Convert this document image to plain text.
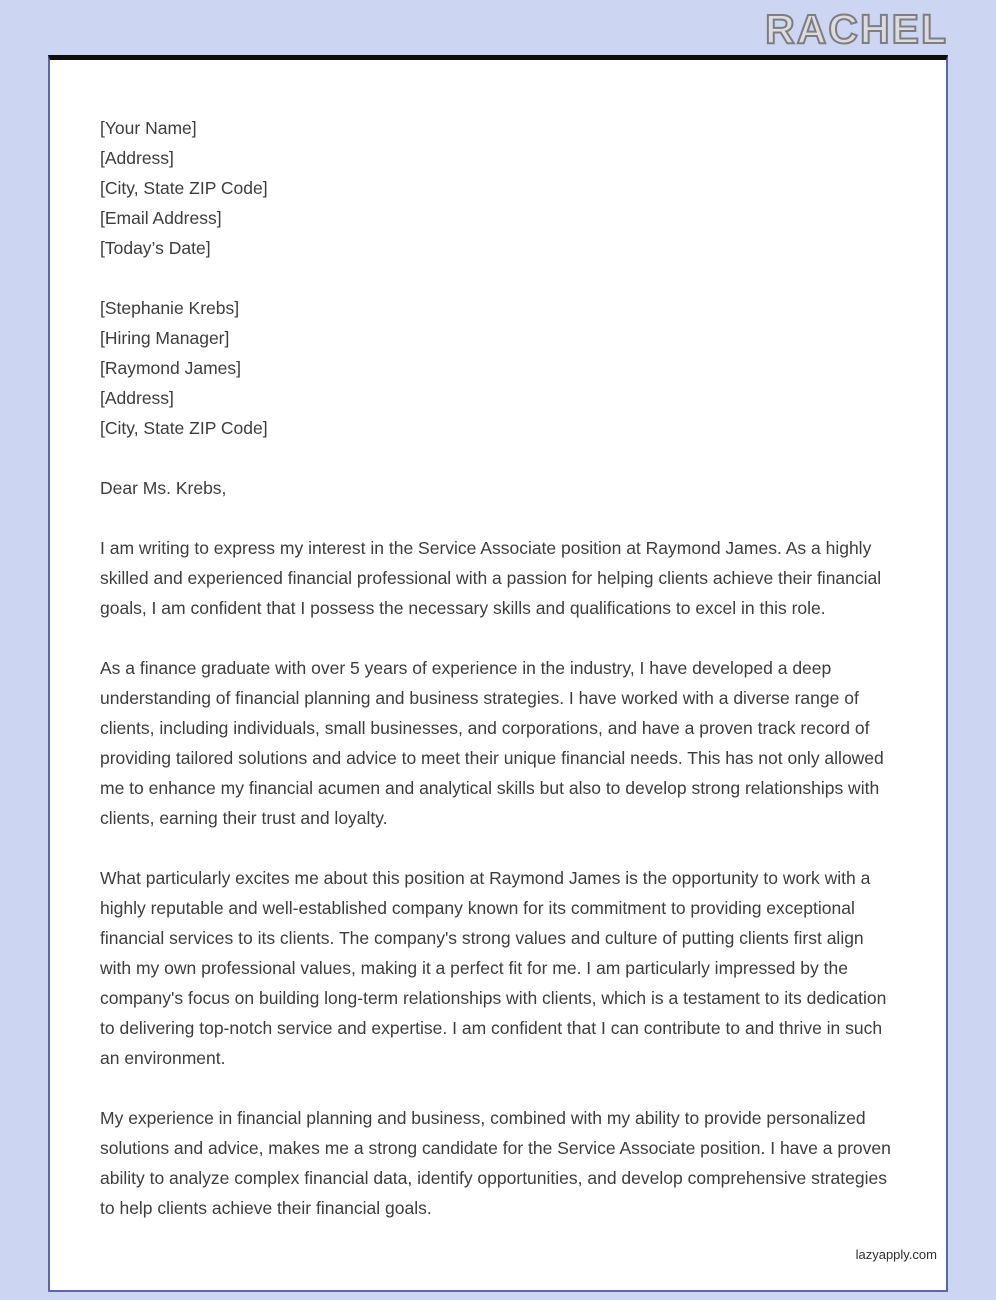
RACHEL
[Your Name]
[Address]
[City, State ZIP Code]
[Email Address]
[Today’s Date]
[Stephanie Krebs]
[Hiring Manager]
[Raymond James]
[Address]
[City, State ZIP Code]

Dear Ms. Krebs,

I am writing to express my interest in the Service Associate position at Raymond James. As a highly skilled and experienced financial professional with a passion for helping clients achieve their financial goals, I am confident that I possess the necessary skills and qualifications to excel in this role.

As a finance graduate with over 5 years of experience in the industry, I have developed a deep understanding of financial planning and business strategies. I have worked with a diverse range of clients, including individuals, small businesses, and corporations, and have a proven track record of providing tailored solutions and advice to meet their unique financial needs. This has not only allowed me to enhance my financial acumen and analytical skills but also to develop strong relationships with clients, earning their trust and loyalty.

What particularly excites me about this position at Raymond James is the opportunity to work with a highly reputable and well-established company known for its commitment to providing exceptional financial services to its clients. The company's strong values and culture of putting clients first align with my own professional values, making it a perfect fit for me. I am particularly impressed by the company's focus on building long-term relationships with clients, which is a testament to its dedication to delivering top-notch service and expertise. I am confident that I can contribute to and thrive in such an environment.

My experience in financial planning and business, combined with my ability to provide personalized solutions and advice, makes me a strong candidate for the Service Associate position. I have a proven ability to analyze complex financial data, identify opportunities, and develop comprehensive strategies to help clients achieve their financial goals.

lazyapply.com
